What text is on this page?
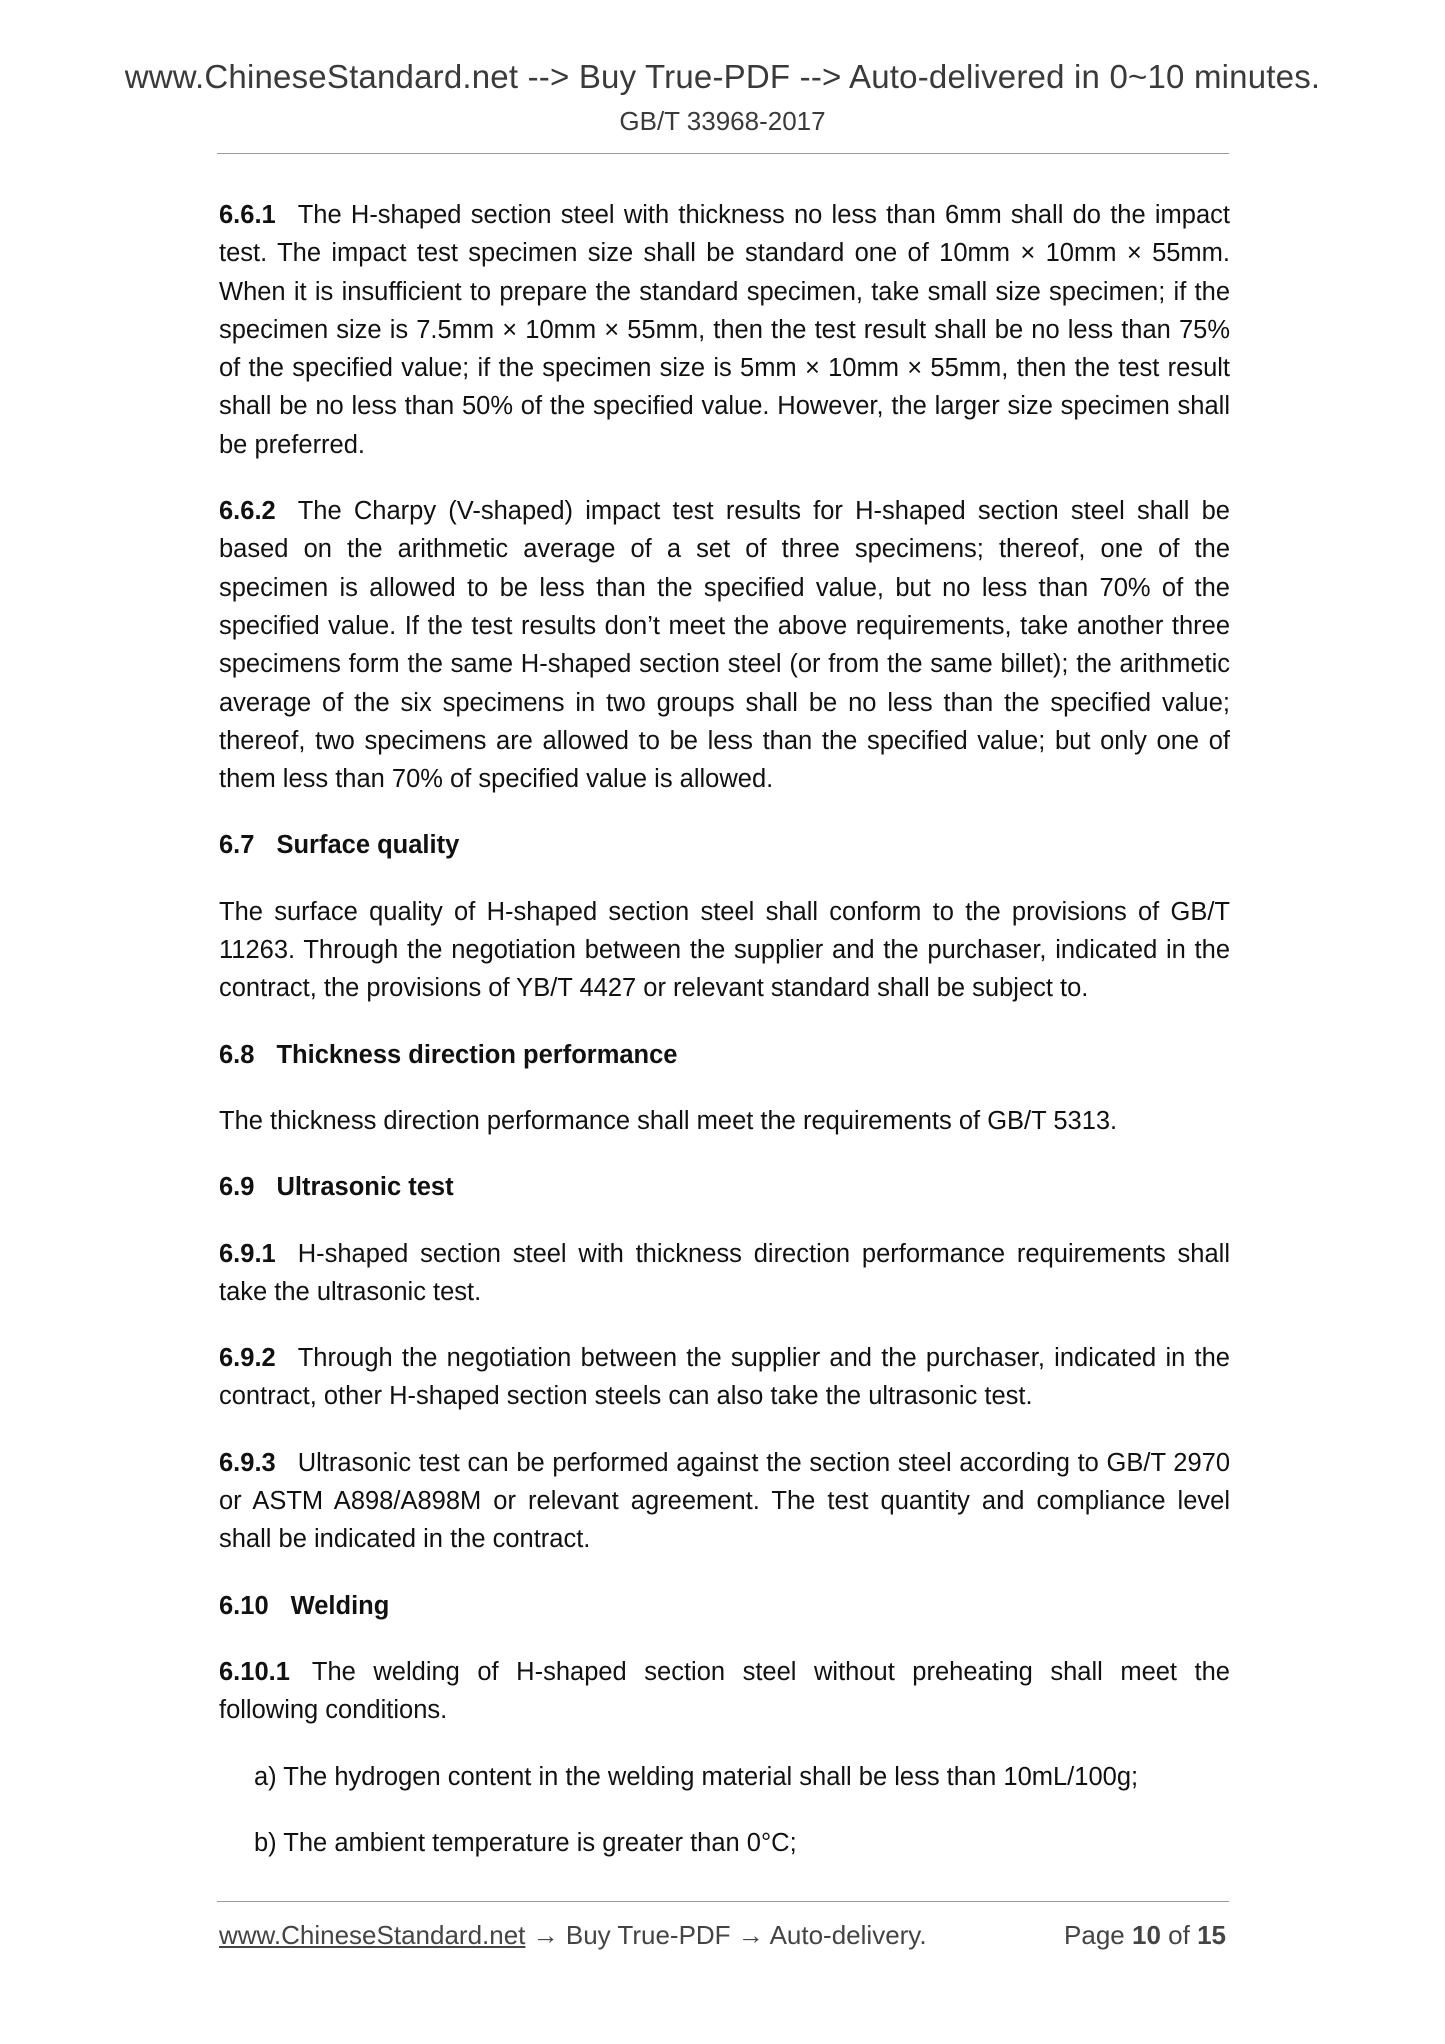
www.ChineseStandard.net --> Buy True-PDF --> Auto-delivered in 0~10 minutes.
GB/T 33968-2017

6.6.1 The H-shaped section steel with thickness no less than 6mm shall do the impact test. The impact test specimen size shall be standard one of 10mm × 10mm × 55mm. When it is insufficient to prepare the standard specimen, take small size specimen; if the specimen size is 7.5mm × 10mm × 55mm, then the test result shall be no less than 75% of the specified value; if the specimen size is 5mm × 10mm × 55mm, then the test result shall be no less than 50% of the specified value. However, the larger size specimen shall be preferred.

6.6.2 The Charpy (V-shaped) impact test results for H-shaped section steel shall be based on the arithmetic average of a set of three specimens; thereof, one of the specimen is allowed to be less than the specified value, but no less than 70% of the specified value. If the test results don’t meet the above requirements, take another three specimens form the same H-shaped section steel (or from the same billet); the arithmetic average of the six specimens in two groups shall be no less than the specified value; thereof, two specimens are allowed to be less than the specified value; but only one of them less than 70% of specified value is allowed.

6.7 Surface quality

The surface quality of H-shaped section steel shall conform to the provisions of GB/T 11263. Through the negotiation between the supplier and the purchaser, indicated in the contract, the provisions of YB/T 4427 or relevant standard shall be subject to.

6.8 Thickness direction performance

The thickness direction performance shall meet the requirements of GB/T 5313.

6.9 Ultrasonic test

6.9.1 H-shaped section steel with thickness direction performance requirements shall take the ultrasonic test.

6.9.2 Through the negotiation between the supplier and the purchaser, indicated in the contract, other H-shaped section steels can also take the ultrasonic test.

6.9.3 Ultrasonic test can be performed against the section steel according to GB/T 2970 or ASTM A898/A898M or relevant agreement. The test quantity and compliance level shall be indicated in the contract.

6.10 Welding

6.10.1 The welding of H-shaped section steel without preheating shall meet the following conditions.

a) The hydrogen content in the welding material shall be less than 10mL/100g;

b) The ambient temperature is greater than 0°C;

www.ChineseStandard.net → Buy True-PDF → Auto-delivery.	Page 10 of 15
